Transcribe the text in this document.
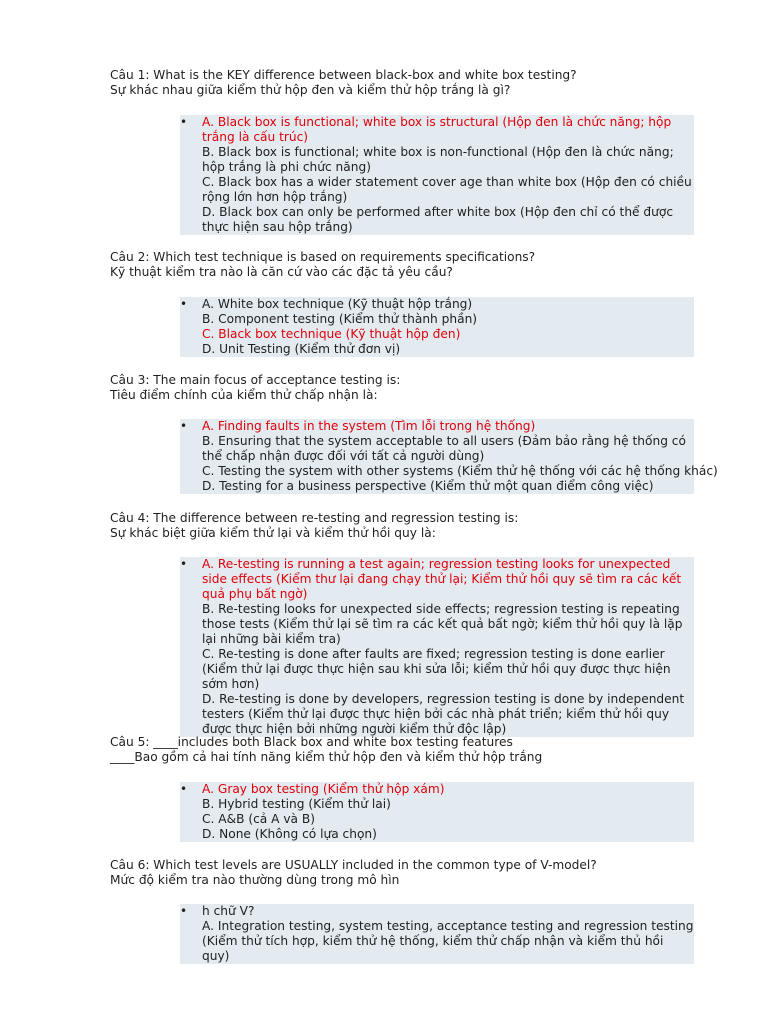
Câu 1: What is the KEY difference between black-box and white box testing?
Sự khác nhau giữa kiểm thử hộp đen và kiểm thử hộp trắng là gì?
• A. Black box is functional; white box is structural (Hộp đen là chức năng; hộp trắng là cấu trúc)
B. Black box is functional; white box is non-functional (Hộp đen là chức năng; hộp trắng là phi chức năng)
C. Black box has a wider statement cover age than white box (Hộp đen có chiều rộng lớn hơn hộp trắng)
D. Black box can only be performed after white box (Hộp đen chỉ có thể được thực hiện sau hộp trắng)
Câu 2: Which test technique is based on requirements specifications?
Kỹ thuật kiểm tra nào là căn cứ vào các đặc tả yêu cầu?
• A. White box technique (Kỹ thuật hộp trắng)
B. Component testing (Kiểm thử thành phần)
C. Black box technique (Kỹ thuật hộp đen)
D. Unit Testing (Kiểm thử đơn vị)
Câu 3: The main focus of acceptance testing is:
Tiêu điểm chính của kiểm thử chấp nhận là:
• A. Finding faults in the system (Tìm lỗi trong hệ thống)
B. Ensuring that the system acceptable to all users (Đảm bảo rằng hệ thống có thể chấp nhận được đối với tất cả người dùng)
C. Testing the system with other systems (Kiểm thử hệ thống với các hệ thống khác)
D. Testing for a business perspective (Kiểm thử một quan điểm công việc)
Câu 4: The difference between re-testing and regression testing is:
Sự khác biệt giữa kiểm thử lại và kiểm thử hồi quy là:
• A. Re-testing is running a test again; regression testing looks for unexpected side effects (Kiểm thư lại đang chạy thử lại; Kiểm thử hồi quy sẽ tìm ra các kết quả phụ bất ngờ)
B. Re-testing looks for unexpected side effects; regression testing is repeating those tests (Kiểm thử lại sẽ tìm ra các kết quả bất ngờ; kiểm thử hồi quy là lặp lại những bài kiểm tra)
C. Re-testing is done after faults are fixed; regression testing is done earlier (Kiểm thử lại được thực hiện sau khi sửa lỗi; kiểm thử hồi quy được thực hiện sớm hơn)
D. Re-testing is done by developers, regression testing is done by independent testers (Kiểm thử lại được thực hiện bởi các nhà phát triển; kiểm thử hồi quy được thực hiện bởi những người kiểm thử độc lập)
Câu 5: ____includes both Black box and white box testing features
____Bao gồm cả hai tính năng kiểm thử hộp đen và kiểm thử hộp trắng
• A. Gray box testing (Kiểm thử hộp xám)
B. Hybrid testing (Kiểm thử lai)
C. A&B (cả A và B)
D. None (Không có lựa chọn)
Câu 6: Which test levels are USUALLY included in the common type of V-model?
Mức độ kiểm tra nào thường dùng trong mô hìn
• h chữ V?
A. Integration testing, system testing, acceptance testing and regression testing (Kiểm thử tích hợp, kiểm thử hệ thống, kiểm thử chấp nhận và kiểm thủ hồi quy)
